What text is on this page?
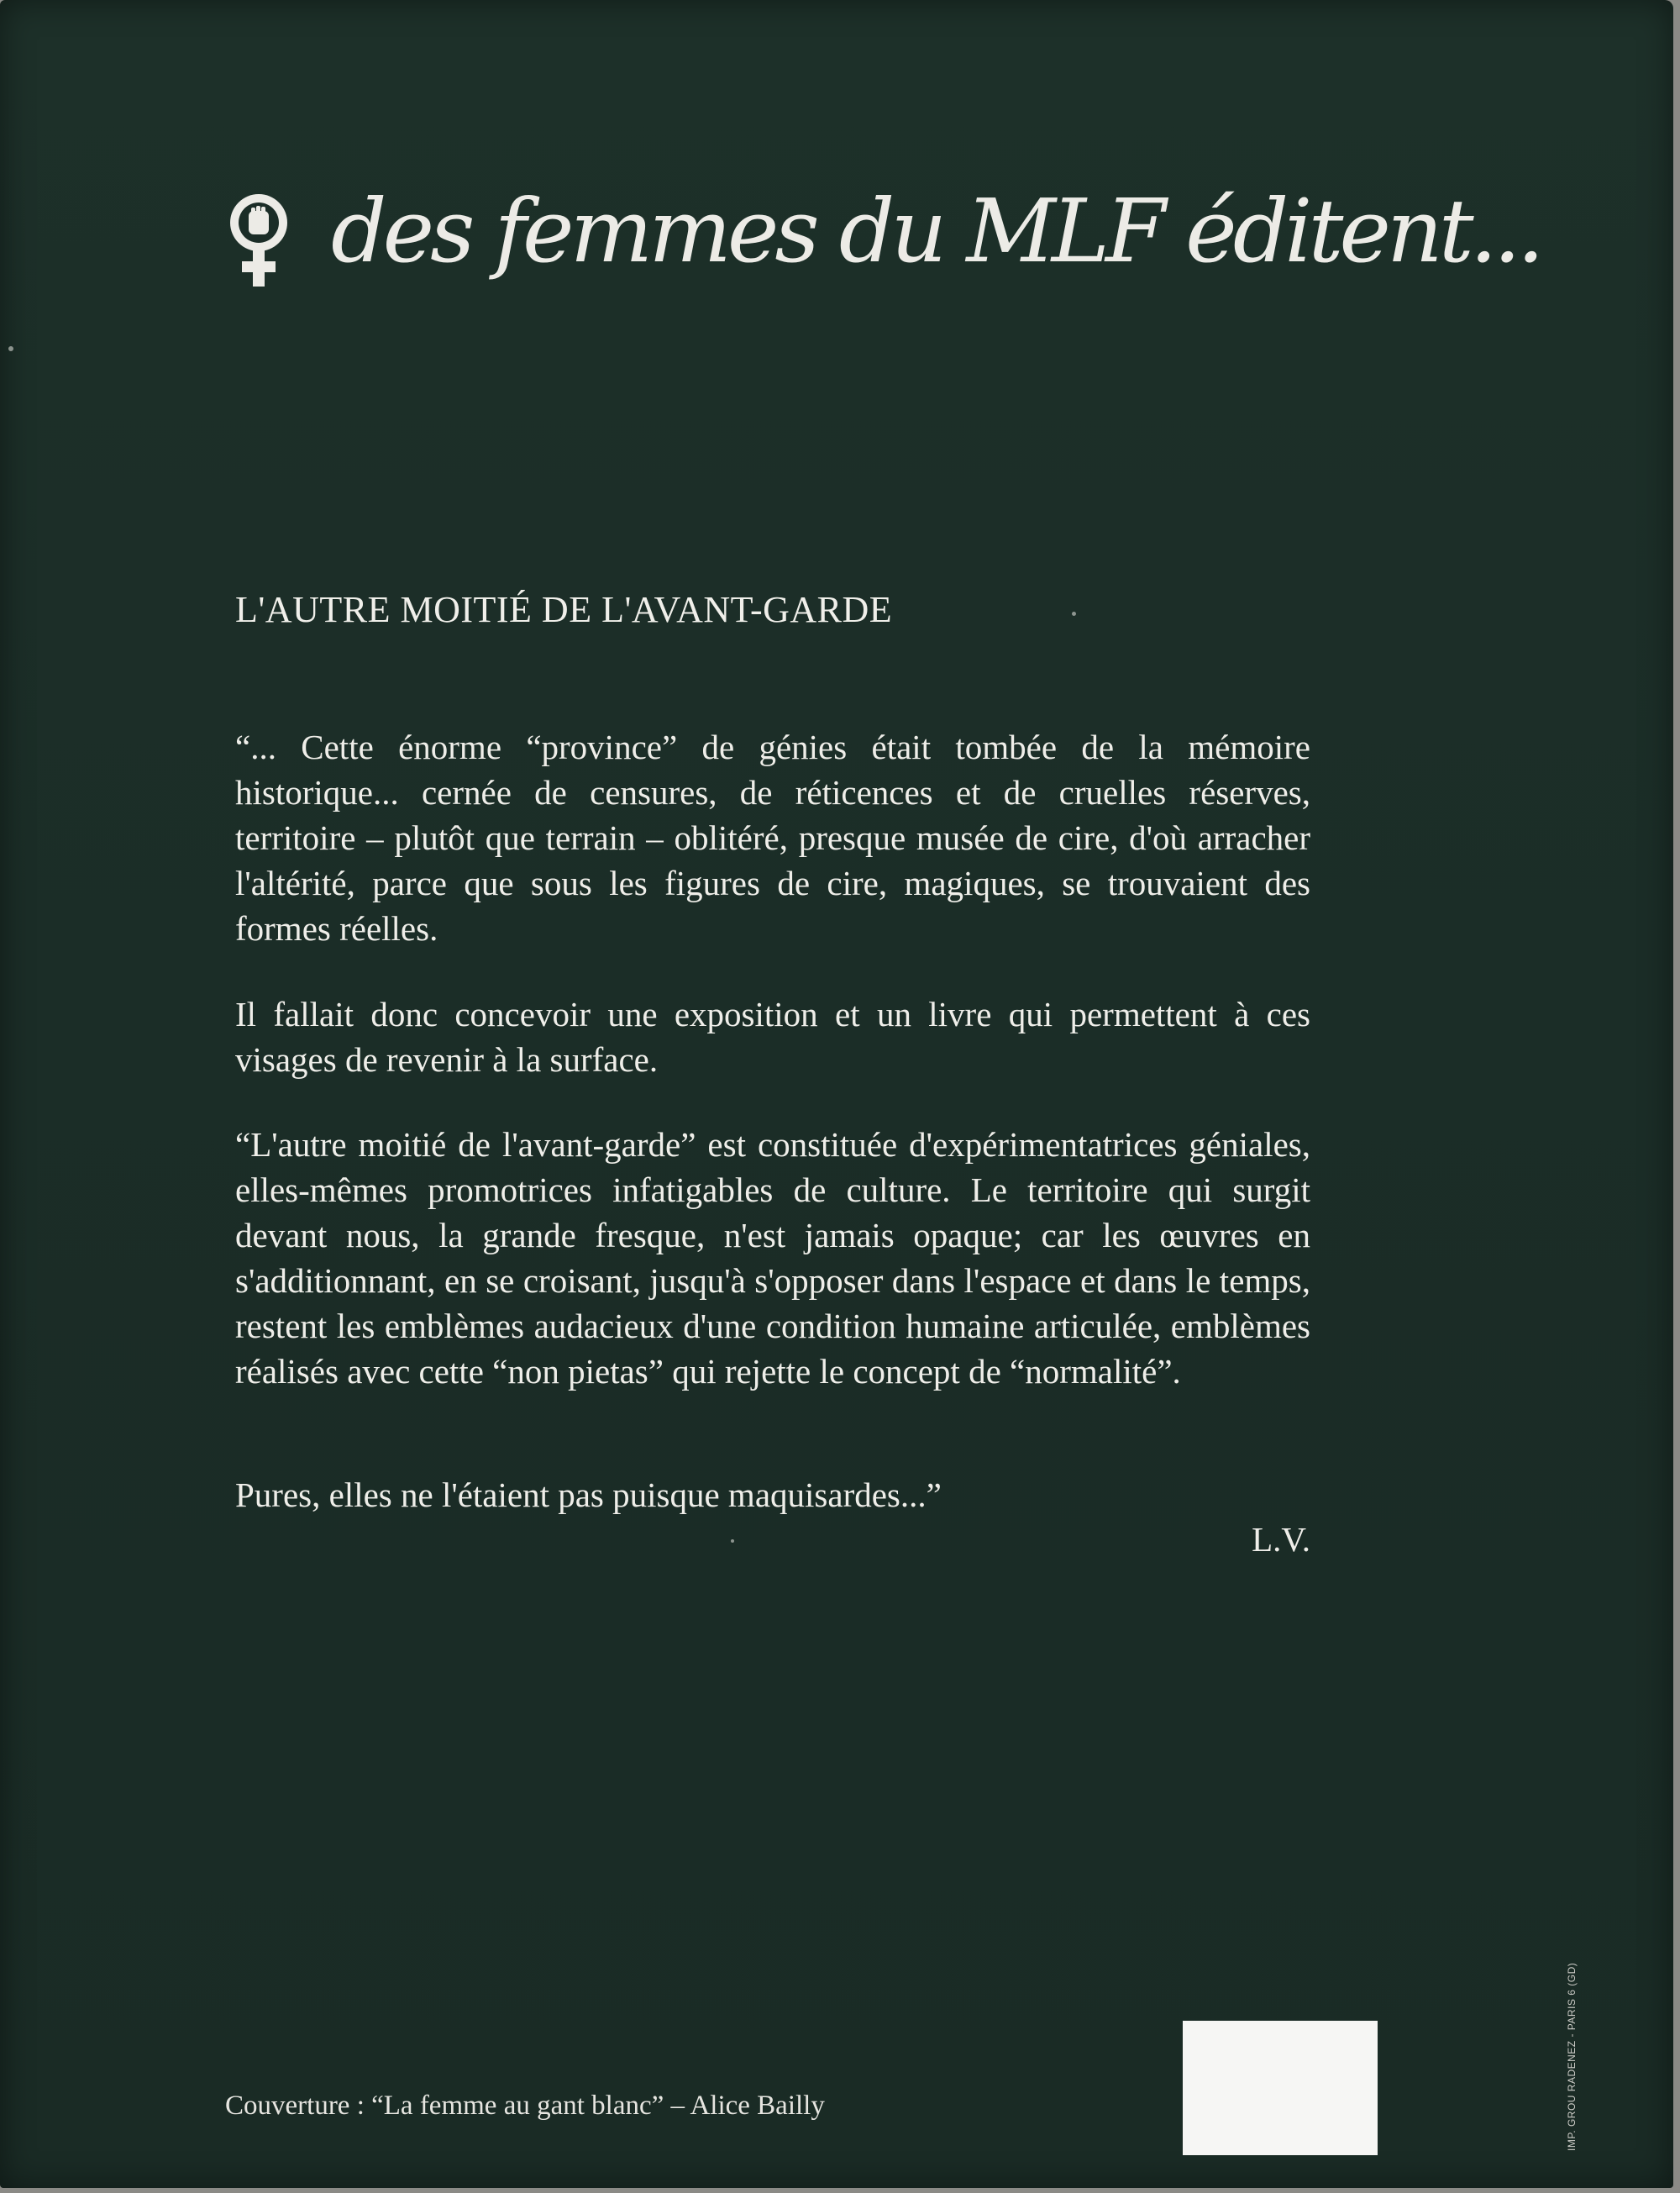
des femmes du MLF éditent...
L'AUTRE MOITIÉ DE L'AVANT-GARDE

“... Cette énorme “province” de génies était tombée de la mémoire historique... cernée de censures, de réticences et de cruelles réserves, territoire – plutôt que terrain – oblitéré, presque musée de cire, d'où arracher l'altérité, parce que sous les figures de cire, magiques, se trouvaient des formes réelles.

Il fallait donc concevoir une exposition et un livre qui permettent à ces visages de revenir à la surface.

“L'autre moitié de l'avant-garde” est constituée d'expérimentatrices géniales, elles-mêmes promotrices infatigables de culture. Le territoire qui surgit devant nous, la grande fresque, n'est jamais opaque; car les œuvres en s'additionnant, en se croisant, jusqu'à s'opposer dans l'espace et dans le temps, restent les emblèmes audacieux d'une condition humaine articulée, emblèmes réalisés avec cette “non pietas” qui rejette le concept de “normalité”.

Pures, elles ne l'étaient pas puisque maquisardes...”

L.V.
Couverture : “La femme au gant blanc” – Alice Bailly	IMP. GROU RADENEZ - PARIS 6 (GD)
